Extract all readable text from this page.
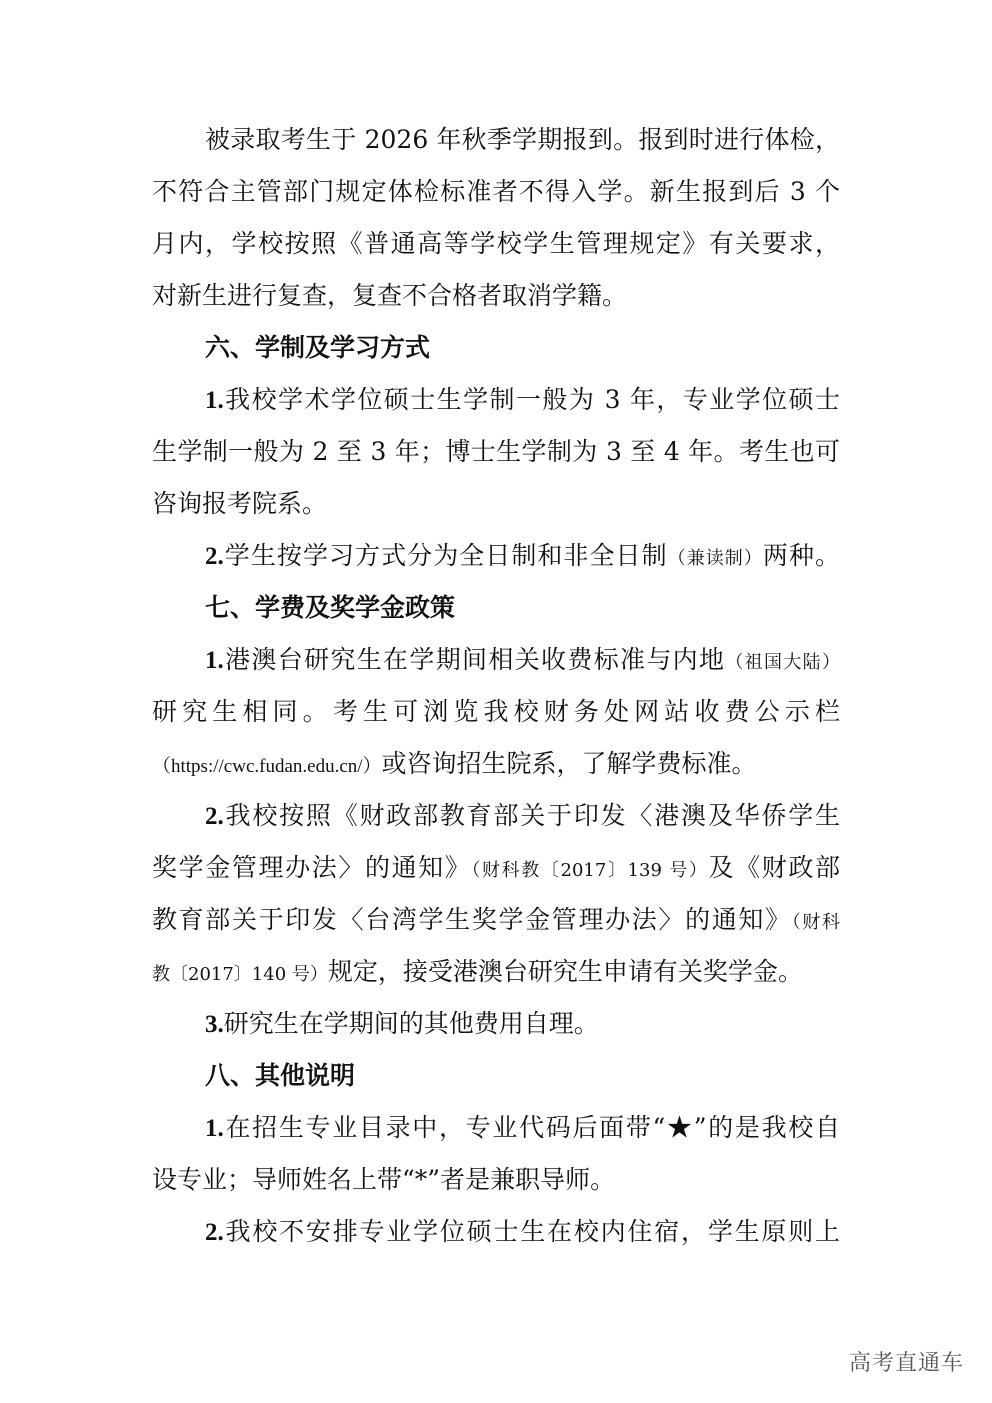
被录取考生于 2026 年秋季学期报到。报到时进行体检，
不符合主管部门规定体检标准者不得入学。新生报到后 3 个
月内，学校按照《普通高等学校学生管理规定》有关要求，
对新生进行复查，复查不合格者取消学籍。
六、学制及学习方式
1.我校学术学位硕士生学制一般为 3 年，专业学位硕士
生学制一般为 2 至 3 年；博士生学制为 3 至 4 年。考生也可
咨询报考院系。
2.学生按学习方式分为全日制和非全日制（兼读制）两种。
七、学费及奖学金政策
1.港澳台研究生在学期间相关收费标准与内地（祖国大陆）
研究生相同。考生可浏览我校财务处网站收费公示栏
（https://cwc.fudan.edu.cn/）或咨询招生院系，了解学费标准。
2.我校按照《财政部教育部关于印发〈港澳及华侨学生
奖学金管理办法〉的通知》（财科教〔2017〕139 号）及《财政部
教育部关于印发〈台湾学生奖学金管理办法〉的通知》（财科
教〔2017〕140 号）规定，接受港澳台研究生申请有关奖学金。
3.研究生在学期间的其他费用自理。
八、其他说明
1.在招生专业目录中，专业代码后面带“★”的是我校自
设专业；导师姓名上带“*”者是兼职导师。
2.我校不安排专业学位硕士生在校内住宿，学生原则上
高考直通车
